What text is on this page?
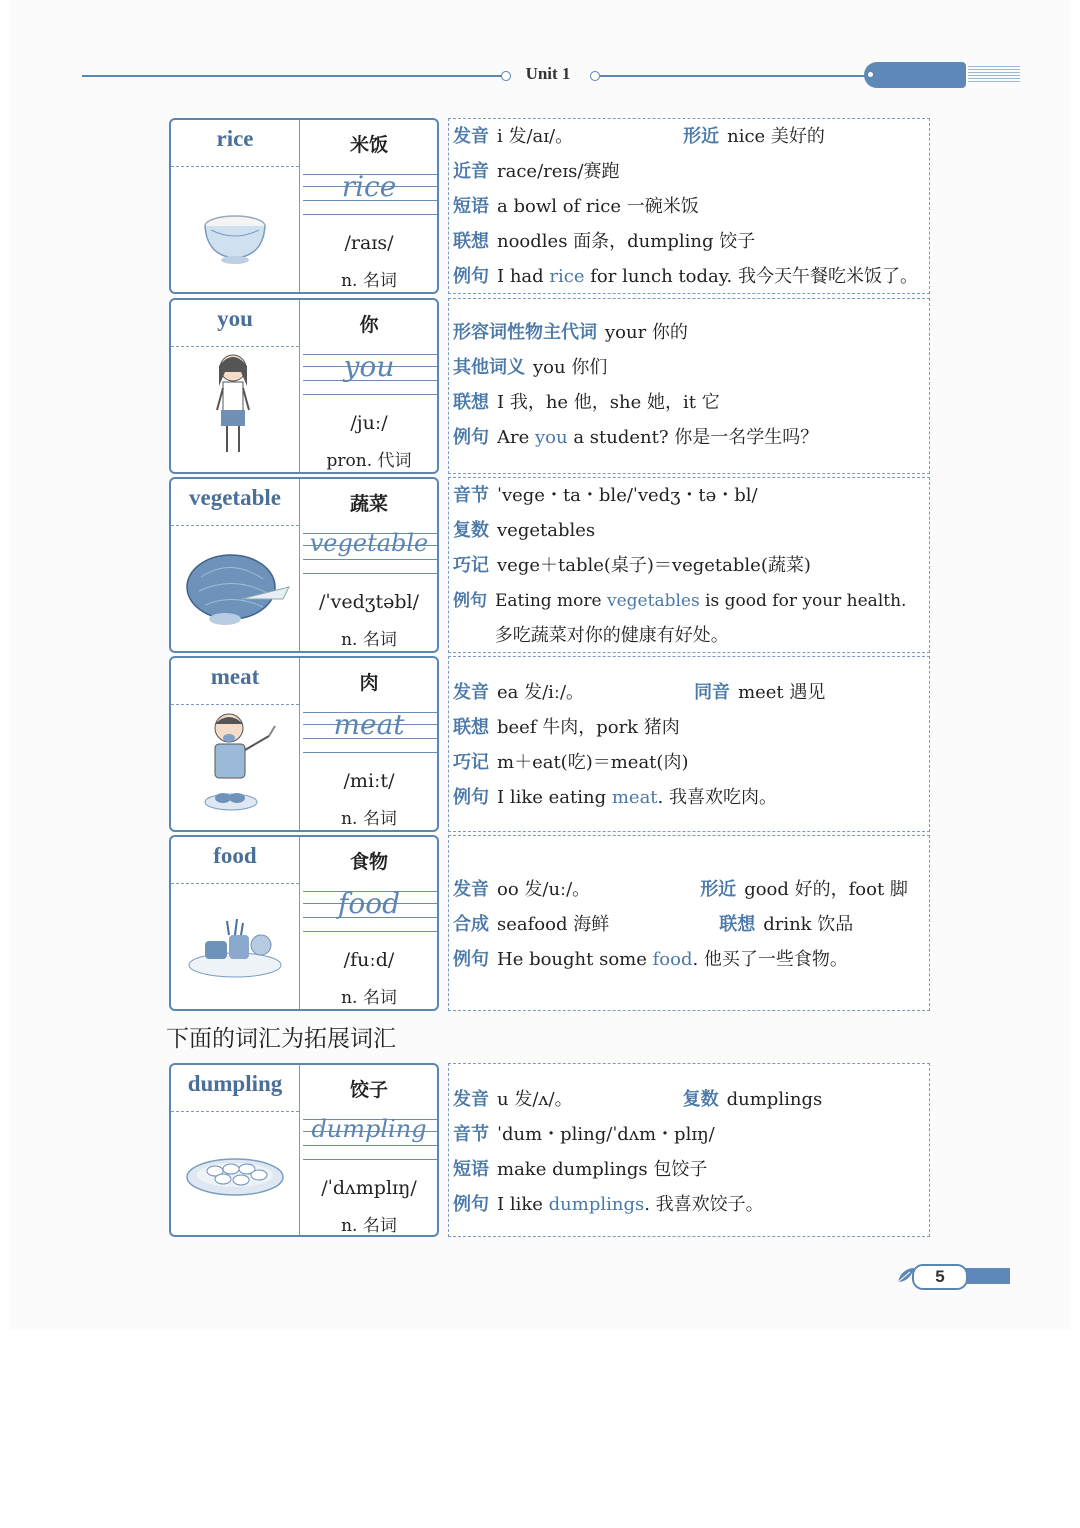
Unit 1
rice	米饭
rice
/raɪs/
n. 名词
发音 i 发/aɪ/。	形近 nice 美好的
近音 race/reɪs/赛跑
短语 a bowl of rice 一碗米饭
联想 noodles 面条，dumpling 饺子
例句 I had rice for lunch today. 我今天午餐吃米饭了。
you	你
you
/juː/
pron. 代词
形容词性物主代词 your 你的
其他词义 you 你们
联想 I 我，he 他，she 她，it 它
例句 Are you a student? 你是一名学生吗？
vegetable	蔬菜
vegetable
/ˈvedʒtəbl/
n. 名词
音节 ˈvege・ta・ble/ˈvedʒ・tə・bl/
复数 vegetables
巧记 vege＋table(桌子)＝vegetable(蔬菜)
例句 Eating more vegetables is good for your health.
　　 多吃蔬菜对你的健康有好处。
meat	肉
meat
/miːt/
n. 名词
发音 ea 发/iː/。	同音 meet 遇见
联想 beef 牛肉，pork 猪肉
巧记 m＋eat(吃)＝meat(肉)
例句 I like eating meat. 我喜欢吃肉。
food	食物
food
/fuːd/
n. 名词
发音 oo 发/uː/。	形近 good 好的，foot 脚
合成 seafood 海鲜	联想 drink 饮品
例句 He bought some food. 他买了一些食物。
dumpling	饺子
dumpling
/ˈdʌmplɪŋ/
n. 名词
发音 u 发/ʌ/。	复数 dumplings
音节 ˈdum・pling/ˈdʌm・plɪŋ/
短语 make dumplings 包饺子
例句 I like dumplings. 我喜欢饺子。
下面的词汇为拓展词汇
5
